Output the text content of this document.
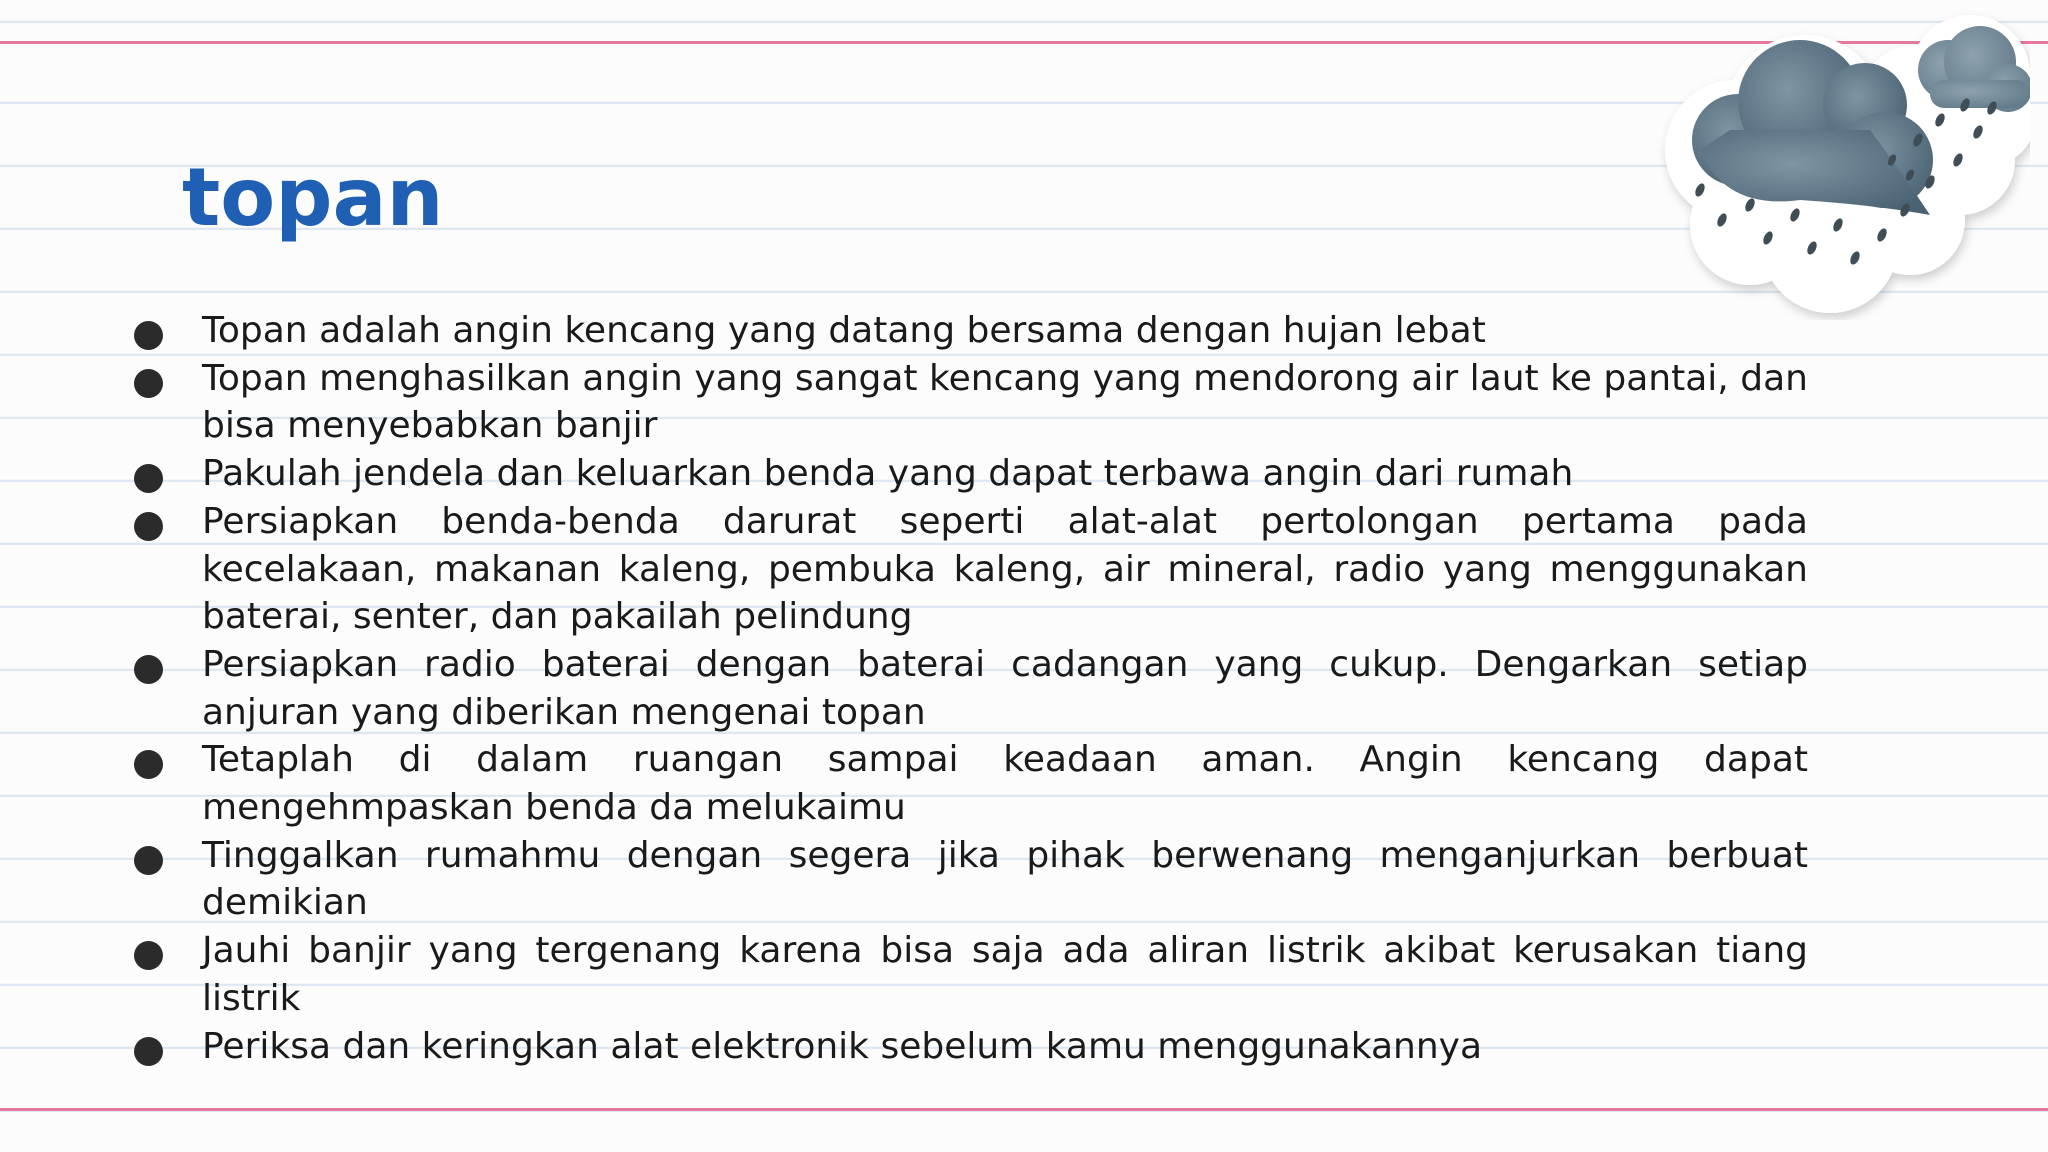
topan
Topan adalah angin kencang yang datang bersama dengan hujan lebat
Topan menghasilkan angin yang sangat kencang yang mendorong air laut ke pantai, dan bisa menyebabkan banjir
Pakulah jendela dan keluarkan benda yang dapat terbawa angin dari rumah
Persiapkan benda-benda darurat seperti alat-alat pertolongan pertama pada kecelakaan, makanan kaleng, pembuka kaleng, air mineral, radio yang menggunakan baterai, senter, dan pakailah pelindung
Persiapkan radio baterai dengan baterai cadangan yang cukup. Dengarkan setiap anjuran yang diberikan mengenai topan
Tetaplah di dalam ruangan sampai keadaan aman. Angin kencang dapat mengehmpaskan benda da melukaimu
Tinggalkan rumahmu dengan segera jika pihak berwenang menganjurkan berbuat demikian
Jauhi banjir yang tergenang karena bisa saja ada aliran listrik akibat kerusakan tiang listrik
Periksa dan keringkan alat elektronik sebelum kamu menggunakannya
